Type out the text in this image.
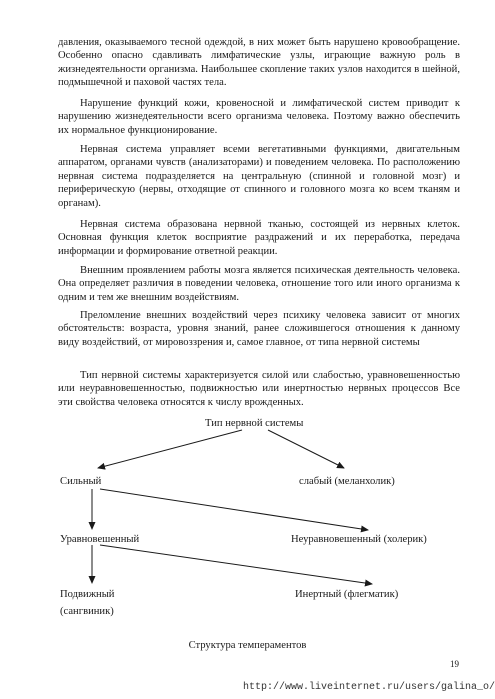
давления, оказываемого тесной одеждой, в них может быть нарушено кровообращение. Особенно опасно сдавливать лимфатические узлы, играющие важную роль в жизнедеятельности организма. Наибольшее скопление таких узлов находится в шейной, подмышечной и паховой частях тела.

Нарушение функций кожи, кровеносной и лимфатической систем приводит к нарушению жизнедеятельности всего организма человека. Поэтому важно обеспечить их нормальное функционирование.

Нервная система управляет всеми вегетативными функциями, двигательным аппаратом, органами чувств (анализаторами) и поведением человека. По расположению нервная система подразделяется на центральную (спинной и головной мозг) и периферическую (нервы, отходящие от спинного и головного мозга ко всем тканям и органам).

Нервная система образована нервной тканью, состоящей из нервных клеток. Основная функция клеток восприятие раздражений и их переработка, передача информации и формирование ответной реакции.

Внешним проявлением работы мозга является психическая деятельность человека. Она определяет различия в поведении человека, отношение того или иного организма к одним и тем же внешним воздействиям.

Преломление внешних воздействий через психику человека зависит от многих обстоятельств: возраста, уровня знаний, ранее сложившегося отношения к данному виду воздействий, от мировоззрения и, самое главное, от типа нервной системы

Тип нервной системы характеризуется силой или слабостью, уравновешенностью или неуравновешенностью, подвижностью или инертностью нервных процессов Все эти свойства человека относятся к числу врожденных.

Тип нервной системы
Сильный	слабый (меланхолик)
Уравновешенный	Неуравновешенный (холерик)
Подвижный
(сангвиник)
Инертный (флегматик)
Структура темпераментов
19
http://www.liveinternet.ru/users/galina_o/
